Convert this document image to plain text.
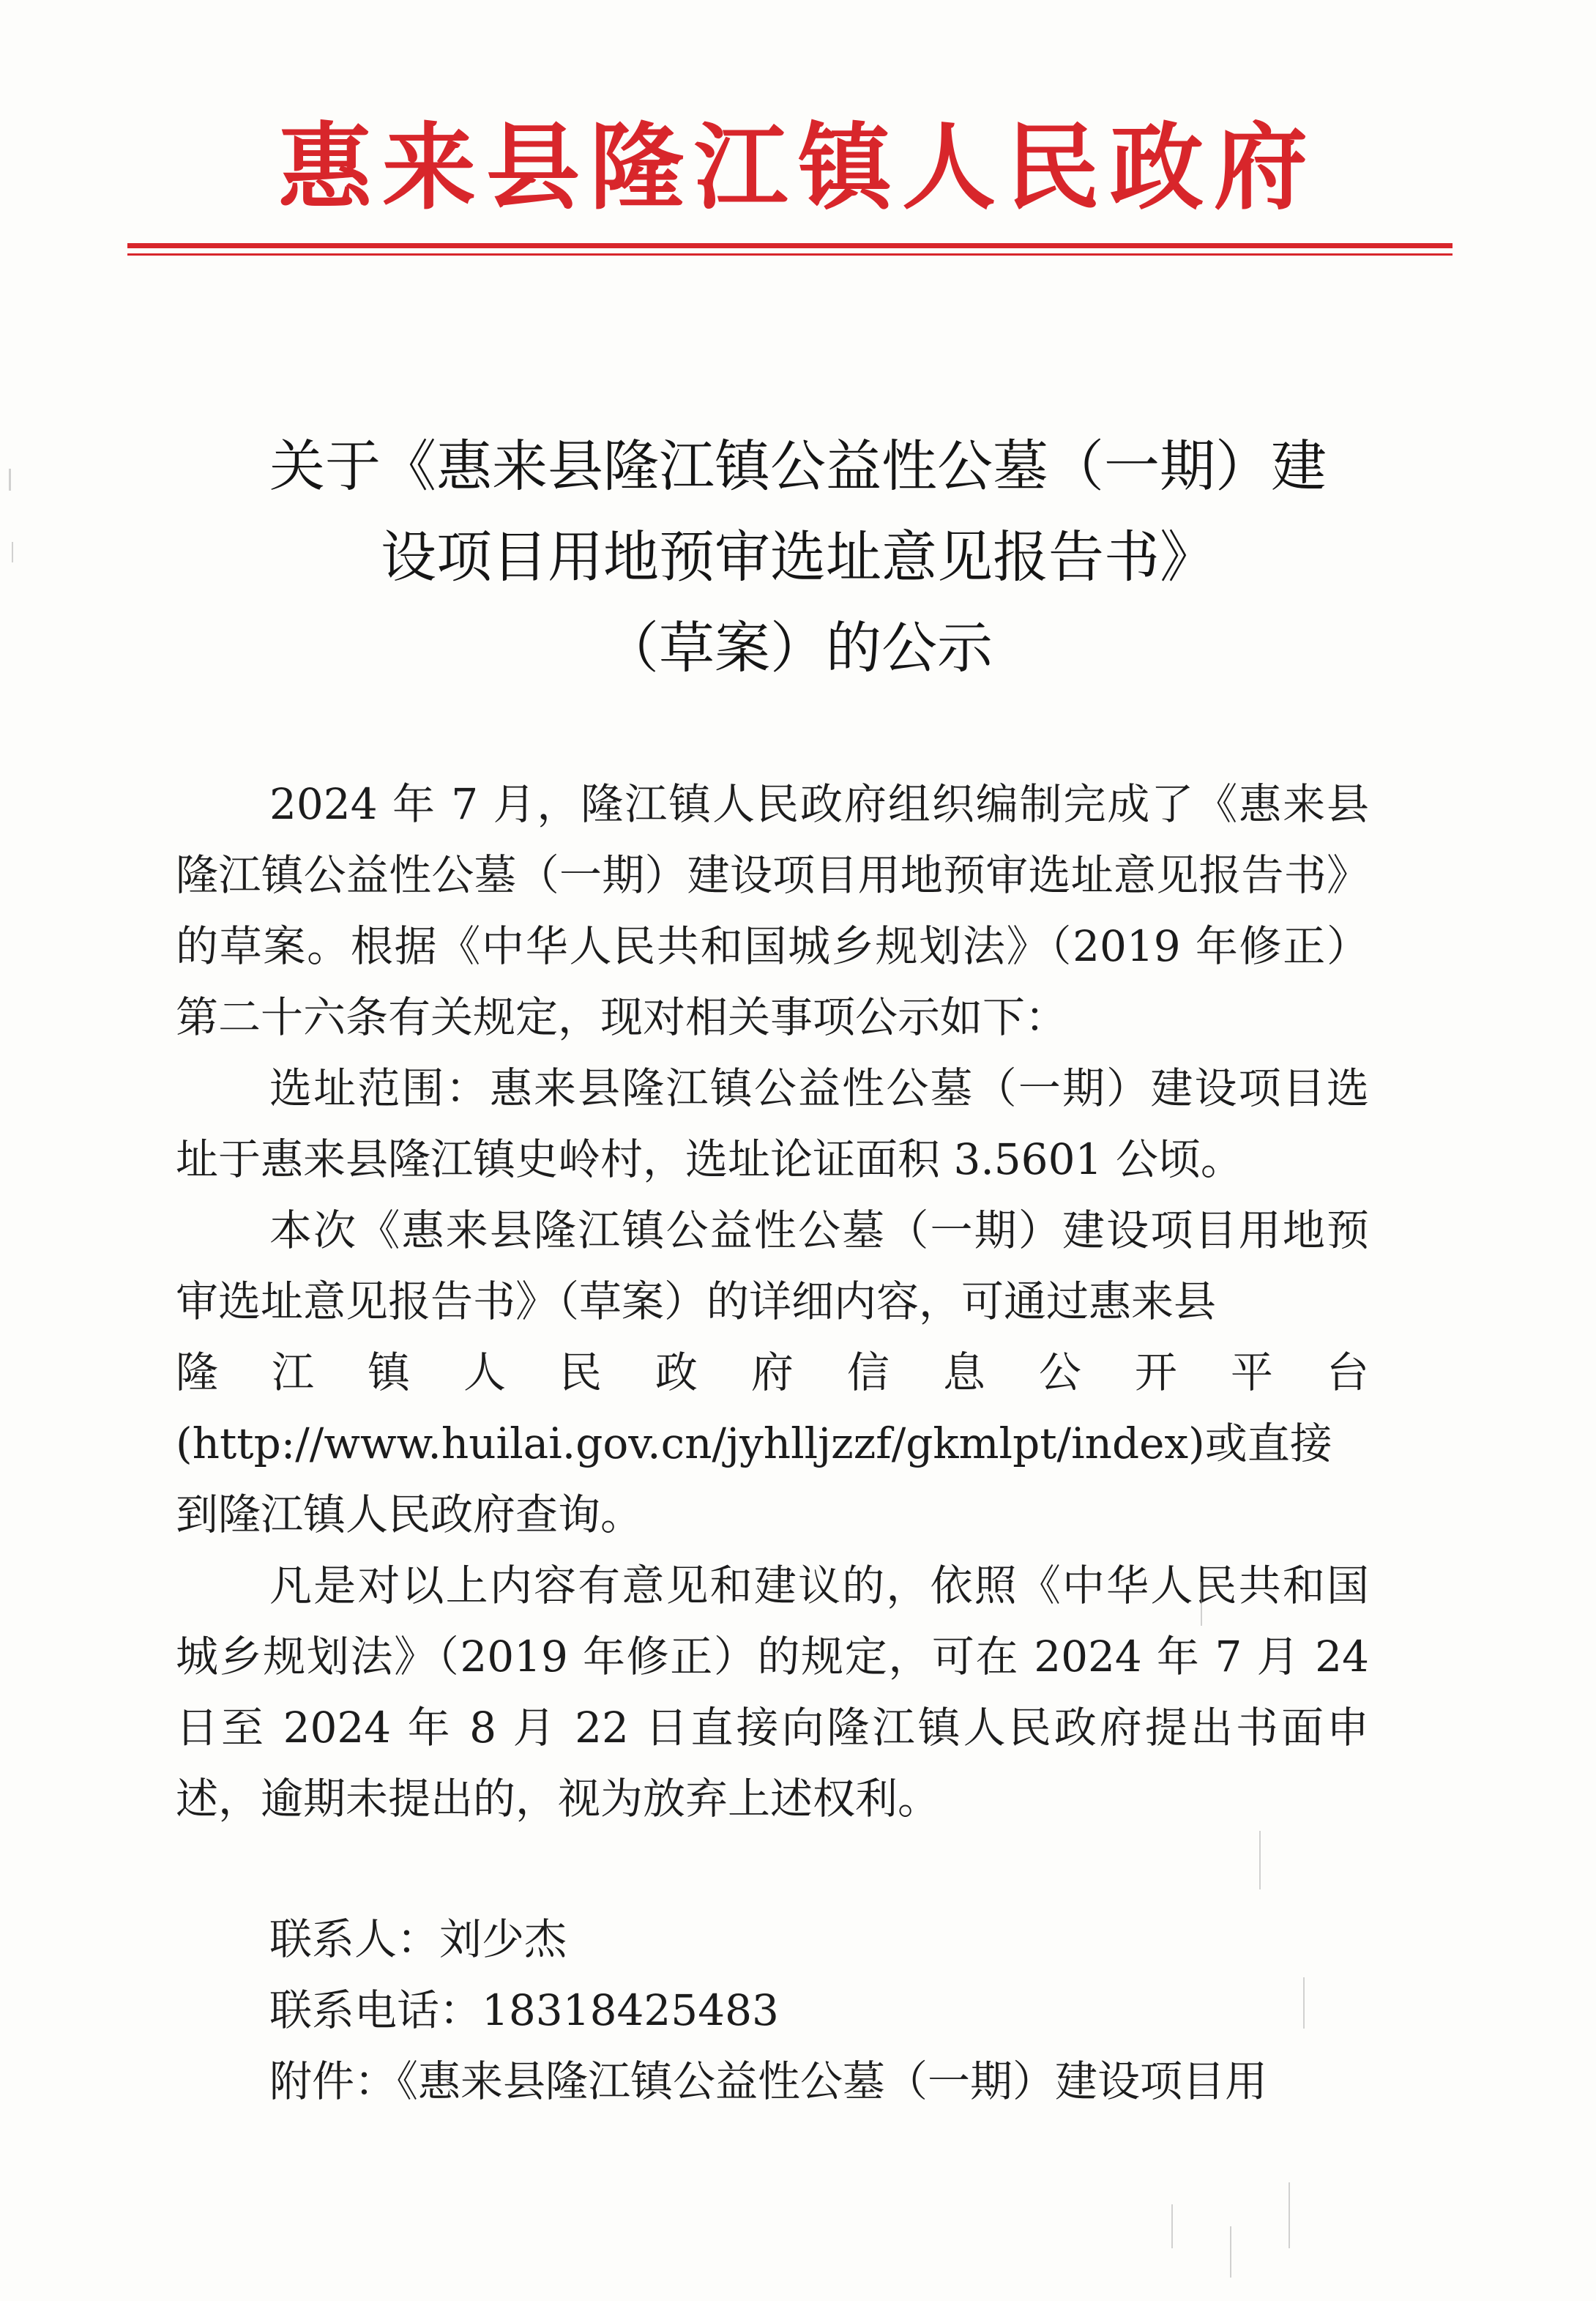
惠来县隆江镇人民政府
关于《惠来县隆江镇公益性公墓（一期）建
设项目用地预审选址意见报告书》
（草案）的公示

2024 年 7 月，隆江镇人民政府组织编制完成了《惠来县隆江镇公益性公墓（一期）建设项目用地预审选址意见报告书》的草案。根据《中华人民共和国城乡规划法》（2019 年修正）第二十六条有关规定，现对相关事项公示如下：

选址范围：惠来县隆江镇公益性公墓（一期）建设项目选址于惠来县隆江镇史岭村，选址论证面积 3.5601 公顷。

本次《惠来县隆江镇公益性公墓（一期）建设项目用地预审选址意见报告书》（草案）的详细内容，可通过惠来县

隆 江 镇 人 民 政 府 信 息 公 开 平 台

(http://www.huilai.gov.cn/jyhlljzzf/gkmlpt/index)或直接到隆江镇人民政府查询。

凡是对以上内容有意见和建议的，依照《中华人民共和国城乡规划法》（2019 年修正）的规定，可在 2024 年 7 月 24 日至 2024 年 8 月 22 日直接向隆江镇人民政府提出书面申述，逾期未提出的，视为放弃上述权利。

联系人：刘少杰
联系电话：18318425483
附件：《惠来县隆江镇公益性公墓（一期）建设项目用
